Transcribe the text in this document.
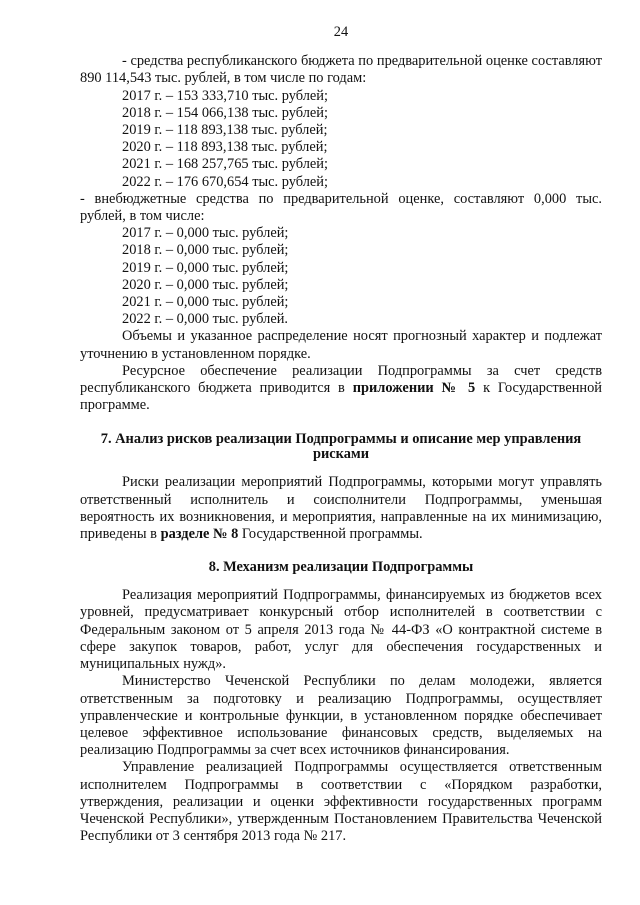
24

- средства республиканского бюджета по предварительной оценке составляют 890 114,543 тыс. рублей, в том числе по годам:

2017 г. – 153 333,710 тыс. рублей;

2018 г. – 154 066,138 тыс. рублей;

2019 г. – 118 893,138 тыс. рублей;

2020 г. – 118 893,138 тыс. рублей;

2021 г. – 168 257,765 тыс. рублей;

2022 г. – 176 670,654 тыс. рублей;

- внебюджетные средства по предварительной оценке, составляют 0,000 тыс. рублей, в том числе:

2017 г. – 0,000 тыс. рублей;

2018 г. – 0,000 тыс. рублей;

2019 г. – 0,000 тыс. рублей;

2020 г. – 0,000 тыс. рублей;

2021 г. – 0,000 тыс. рублей;

2022 г. – 0,000 тыс. рублей.

Объемы и указанное распределение носят прогнозный характер и подлежат уточнению в установленном порядке.

Ресурсное обеспечение реализации Подпрограммы за счет средств республиканского бюджета приводится в приложении № 5 к Государственной программе.

7. Анализ рисков реализации Подпрограммы и описание мер управления рисками

Риски реализации мероприятий Подпрограммы, которыми могут управлять ответственный исполнитель и соисполнители Подпрограммы, уменьшая вероятность их возникновения, и мероприятия, направленные на их минимизацию, приведены в разделе № 8 Государственной программы.

8. Механизм реализации Подпрограммы

Реализация мероприятий Подпрограммы, финансируемых из бюджетов всех уровней, предусматривает конкурсный отбор исполнителей в соответствии с Федеральным законом от 5 апреля 2013 года № 44-ФЗ «О контрактной системе в сфере закупок товаров, работ, услуг для обеспечения государственных и муниципальных нужд».

Министерство Чеченской Республики по делам молодежи, является ответственным за подготовку и реализацию Подпрограммы, осуществляет управленческие и контрольные функции, в установленном порядке обеспечивает целевое эффективное использование финансовых средств, выделяемых на реализацию Подпрограммы за счет всех источников финансирования.

Управление реализацией Подпрограммы осуществляется ответственным исполнителем Подпрограммы в соответствии с «Порядком разработки, утверждения, реализации и оценки эффективности государственных программ Чеченской Республики», утвержденным Постановлением Правительства Чеченской Республики от 3 сентября 2013 года № 217.
